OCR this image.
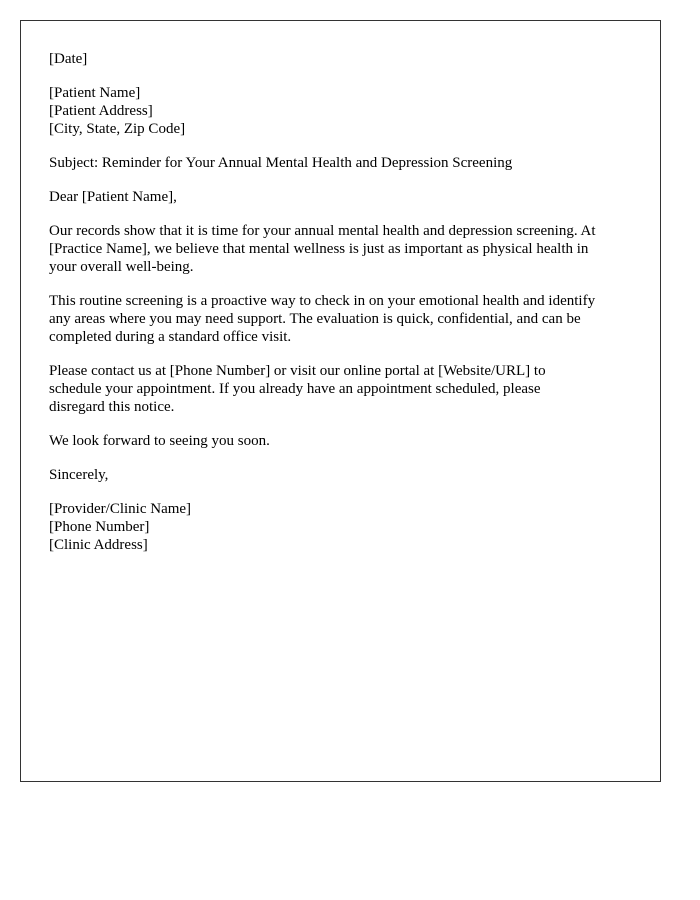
[Date]

[Patient Name]
[Patient Address]
[City, State, Zip Code]

Subject: Reminder for Your Annual Mental Health and Depression Screening

Dear [Patient Name],

Our records show that it is time for your annual mental health and depression screening. At
[Practice Name], we believe that mental wellness is just as important as physical health in
your overall well-being.

This routine screening is a proactive way to check in on your emotional health and identify
any areas where you may need support. The evaluation is quick, confidential, and can be
completed during a standard office visit.

Please contact us at [Phone Number] or visit our online portal at [Website/URL] to
schedule your appointment. If you already have an appointment scheduled, please
disregard this notice.

We look forward to seeing you soon.

Sincerely,

[Provider/Clinic Name]
[Phone Number]
[Clinic Address]
